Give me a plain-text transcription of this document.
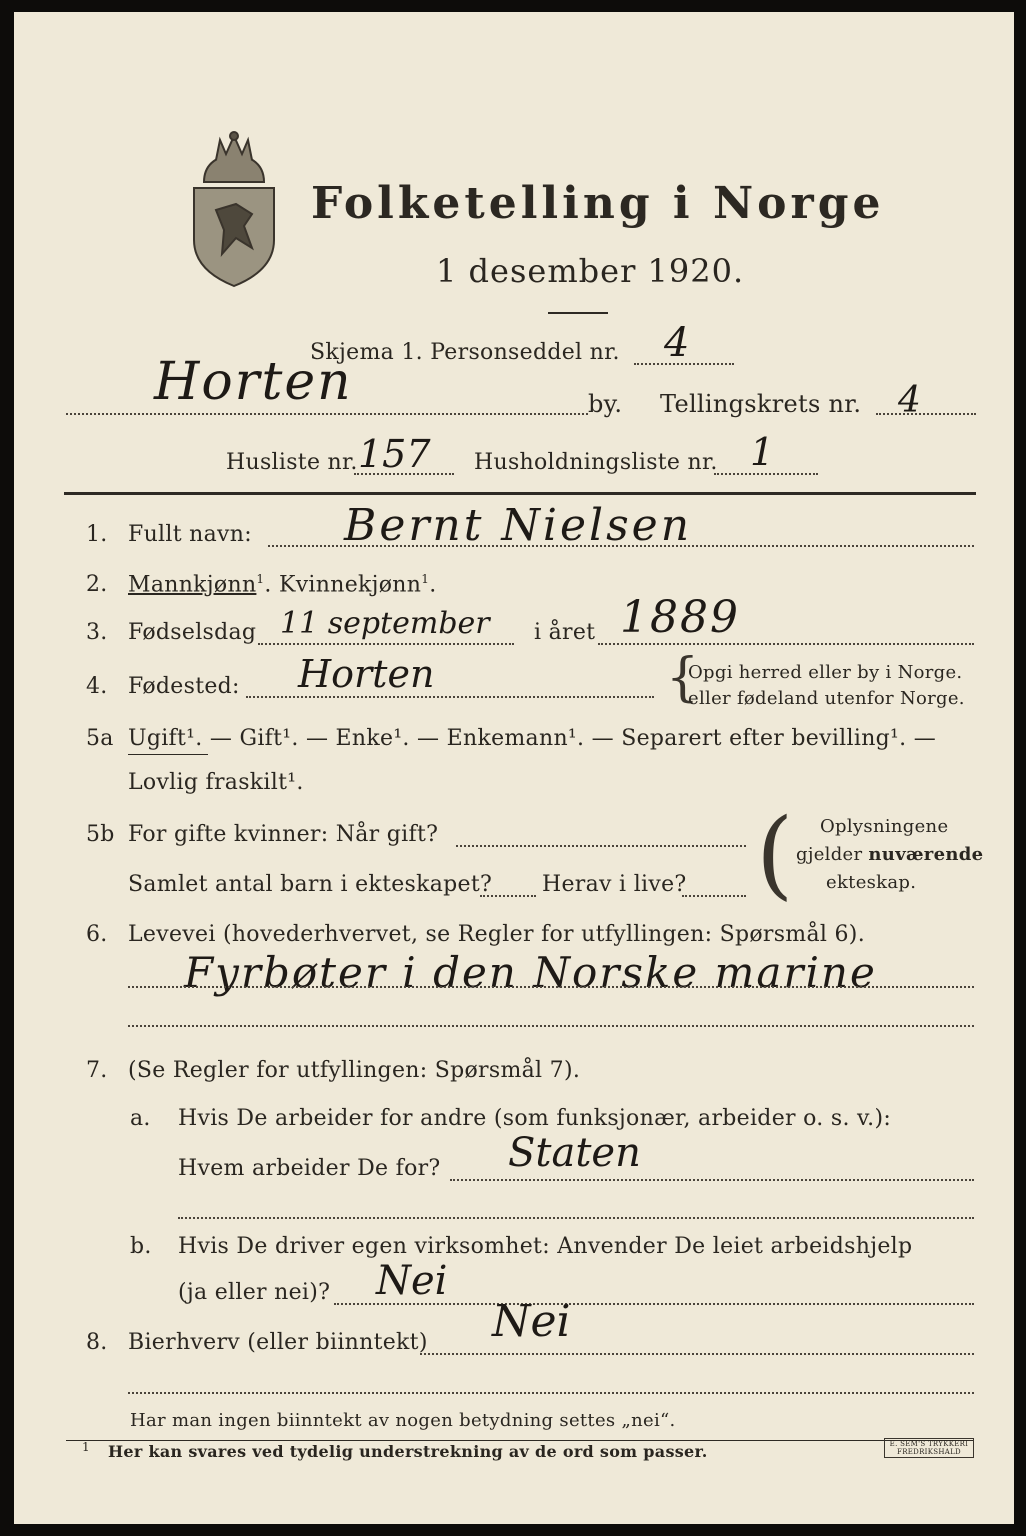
Folketelling i Norge
1 desember 1920.
Skjema 1. Personseddel nr. 4
Horten	by. Tellingskrets nr. 4
Husliste nr. 157 Husholdningsliste nr. 1
1. Fullt navn: Bernt Nielsen
2. Mannkjønn$^1$. Kvinnekjønn$^1$.
3. Fødselsdag 11 september i året 1889
4. Fødested: Horten	{
Opgi herred eller by i Norge.
eller fødeland utenfor Norge.
5a Ugift¹. — Gift¹. — Enke¹. — Enkemann¹. — Separert efter bevilling¹. —
Lovlig fraskilt¹.
5b For gifte kvinner: Når gift?
Samlet antal barn i ekteskapet? Herav i live? ( Oplysningene
gjelder nuværende
ekteskap.
6. Levevei (hovederhvervet, se Regler for utfyllingen: Spørsmål 6).
Fyrbøter i den Norske marine
7. (Se Regler for utfyllingen: Spørsmål 7).
a. Hvis De arbeider for andre (som funksjonær, arbeider o. s. v.):
Hvem arbeider De for? Staten
b. Hvis De driver egen virksomhet: Anvender De leiet arbeidshjelp
(ja eller nei)? Nei
8. Bierhverv (eller biinntekt) Nei
Har man ingen biinntekt av nogen betydning settes „nei“.
1 Her kan svares ved tydelig understrekning av de ord som passer.	E. SEM'S TRYKKERI FREDRIKSHALD
